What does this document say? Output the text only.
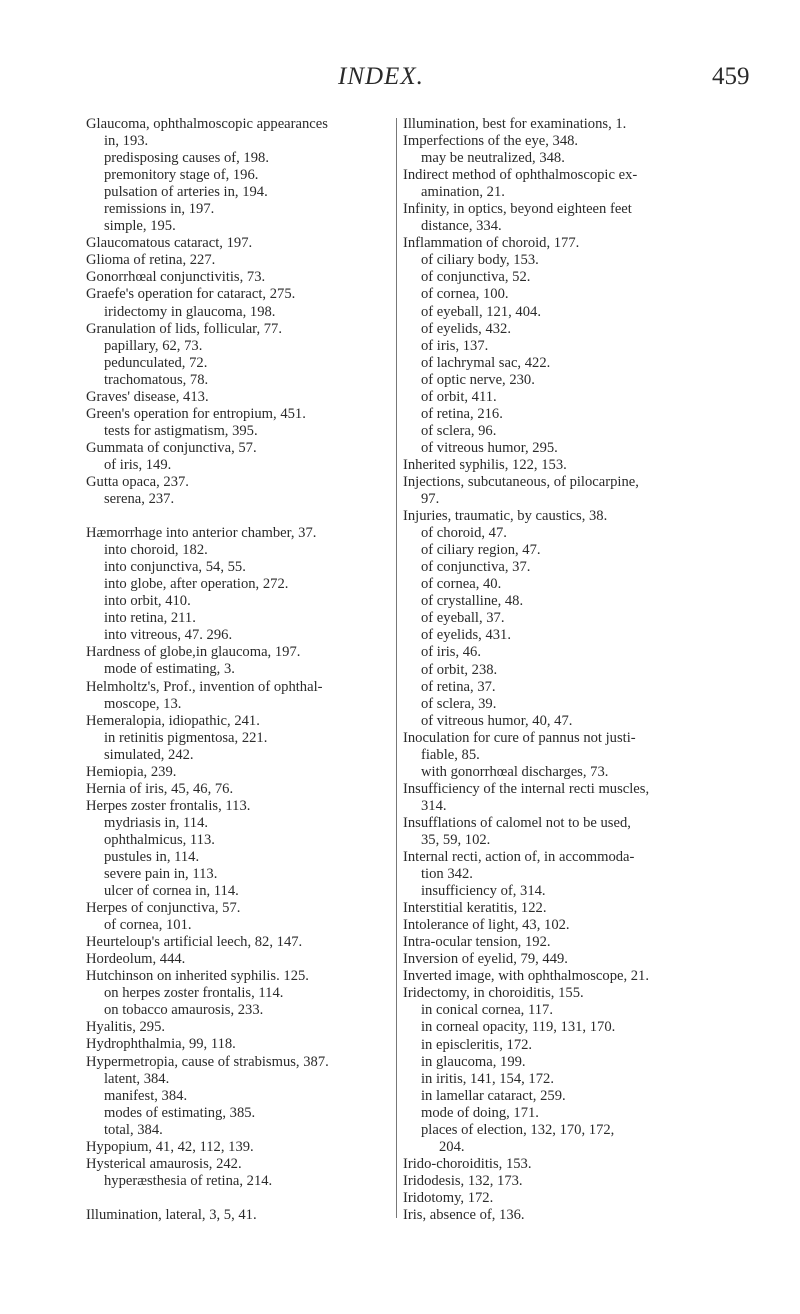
INDEX.	459
Glaucoma, ophthalmoscopic appearances
in, 193.
predisposing causes of, 198.
premonitory stage of, 196.
pulsation of arteries in, 194.
remissions in, 197.
simple, 195.
Glaucomatous cataract, 197.
Glioma of retina, 227.
Gonorrhœal conjunctivitis, 73.
Graefe's operation for cataract, 275.
iridectomy in glaucoma, 198.
Granulation of lids, follicular, 77.
papillary, 62, 73.
pedunculated, 72.
trachomatous, 78.
Graves' disease, 413.
Green's operation for entropium, 451.
tests for astigmatism, 395.
Gummata of conjunctiva, 57.
of iris, 149.
Gutta opaca, 237.
serena, 237.
Hæmorrhage into anterior chamber, 37.
into choroid, 182.
into conjunctiva, 54, 55.
into globe, after operation, 272.
into orbit, 410.
into retina, 211.
into vitreous, 47. 296.
Hardness of globe,in glaucoma, 197.
mode of estimating, 3.
Helmholtz's, Prof., invention of ophthal-
moscope, 13.
Hemeralopia, idiopathic, 241.
in retinitis pigmentosa, 221.
simulated, 242.
Hemiopia, 239.
Hernia of iris, 45, 46, 76.
Herpes zoster frontalis, 113.
mydriasis in, 114.
ophthalmicus, 113.
pustules in, 114.
severe pain in, 113.
ulcer of cornea in, 114.
Herpes of conjunctiva, 57.
of cornea, 101.
Heurteloup's artificial leech, 82, 147.
Hordeolum, 444.
Hutchinson on inherited syphilis. 125.
on herpes zoster frontalis, 114.
on tobacco amaurosis, 233.
Hyalitis, 295.
Hydrophthalmia, 99, 118.
Hypermetropia, cause of strabismus, 387.
latent, 384.
manifest, 384.
modes of estimating, 385.
total, 384.
Hypopium, 41, 42, 112, 139.
Hysterical amaurosis, 242.
hyperæsthesia of retina, 214.
Illumination, lateral, 3, 5, 41.
Illumination, best for examinations, 1.
Imperfections of the eye, 348.
may be neutralized, 348.
Indirect method of ophthalmoscopic ex-
amination, 21.
Infinity, in optics, beyond eighteen feet
distance, 334.
Inflammation of choroid, 177.
of ciliary body, 153.
of conjunctiva, 52.
of cornea, 100.
of eyeball, 121, 404.
of eyelids, 432.
of iris, 137.
of lachrymal sac, 422.
of optic nerve, 230.
of orbit, 411.
of retina, 216.
of sclera, 96.
of vitreous humor, 295.
Inherited syphilis, 122, 153.
Injections, subcutaneous, of pilocarpine,
97.
Injuries, traumatic, by caustics, 38.
of choroid, 47.
of ciliary region, 47.
of conjunctiva, 37.
of cornea, 40.
of crystalline, 48.
of eyeball, 37.
of eyelids, 431.
of iris, 46.
of orbit, 238.
of retina, 37.
of sclera, 39.
of vitreous humor, 40, 47.
Inoculation for cure of pannus not justi-
fiable, 85.
with gonorrhœal discharges, 73.
Insufficiency of the internal recti muscles,
314.
Insufflations of calomel not to be used,
35, 59, 102.
Internal recti, action of, in accommoda-
tion 342.
insufficiency of, 314.
Interstitial keratitis, 122.
Intolerance of light, 43, 102.
Intra-ocular tension, 192.
Inversion of eyelid, 79, 449.
Inverted image, with ophthalmoscope, 21.
Iridectomy, in choroiditis, 155.
in conical cornea, 117.
in corneal opacity, 119, 131, 170.
in episcleritis, 172.
in glaucoma, 199.
in iritis, 141, 154, 172.
in lamellar cataract, 259.
mode of doing, 171.
places of election, 132, 170, 172,
204.
Irido-choroiditis, 153.
Iridodesis, 132, 173.
Iridotomy, 172.
Iris, absence of, 136.
